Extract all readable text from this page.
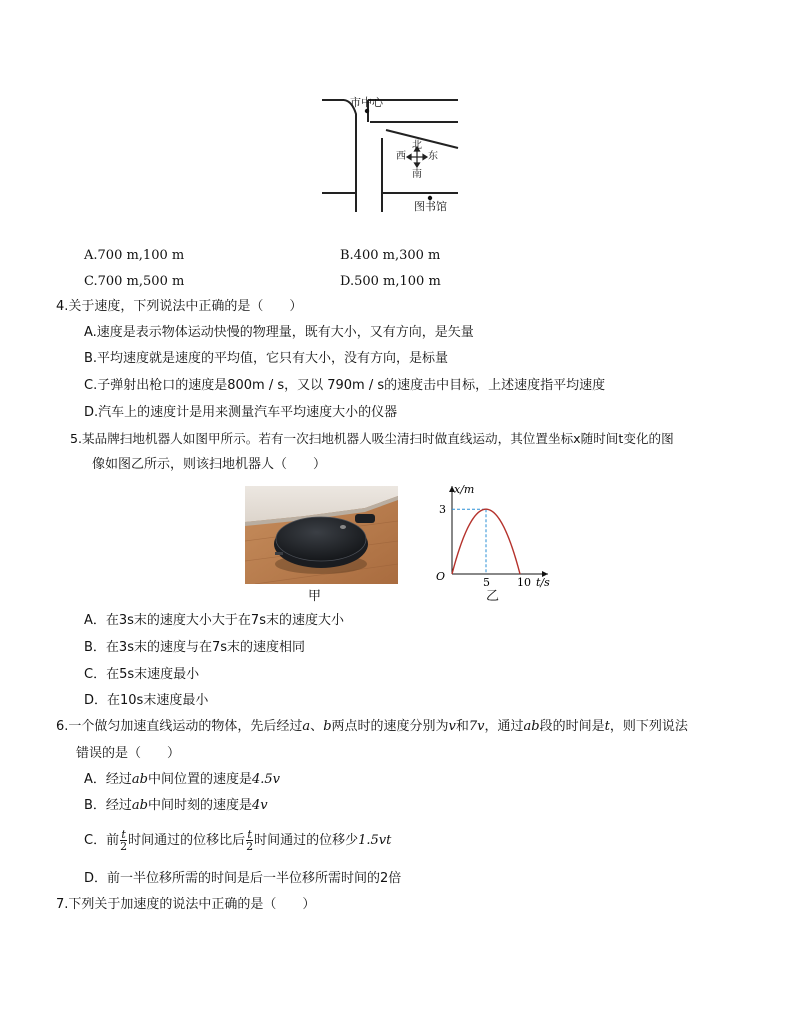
市中心
北
西 东
南
图书馆
A.700 m,100 m	B.400 m,300 m
C.700 m,500 m	D.500 m,100 m
4.关于速度，下列说法中正确的是（　　）
A.速度是表示物体运动快慢的物理量，既有大小，又有方向，是矢量
B.平均速度就是速度的平均值，它只有大小，没有方向，是标量
C.子弹射出枪口的速度是800m / s，又以 790m / s的速度击中目标，上述速度指平均速度
D.汽车上的速度计是用来测量汽车平均速度大小的仪器
5.某品牌扫地机器人如图甲所示。若有一次扫地机器人吸尘清扫时做直线运动，其位置坐标x随时间t变化的图
像如图乙所示，则该扫地机器人（　　）
x/m
t/s
O	5 10
3
甲	乙
A．在3s末的速度大小大于在7s末的速度大小
B．在3s末的速度与在7s末的速度相同
C．在5s末速度最小
D．在10s末速度最小
6.一个做匀加速直线运动的物体，先后经过a、b两点时的速度分别为v和7v，通过ab段的时间是t，则下列说法
错误的是（　　）
A．经过ab中间位置的速度是4.5v
B．经过ab中间时刻的速度是4v
C．前 $\frac{t}{2}$ 时间通过的位移比后 $\frac{t}{2}$ 时间通过的位移少1.5vt
D．前一半位移所需的时间是后一半位移所需时间的2倍
7.下列关于加速度的说法中正确的是（　　）
